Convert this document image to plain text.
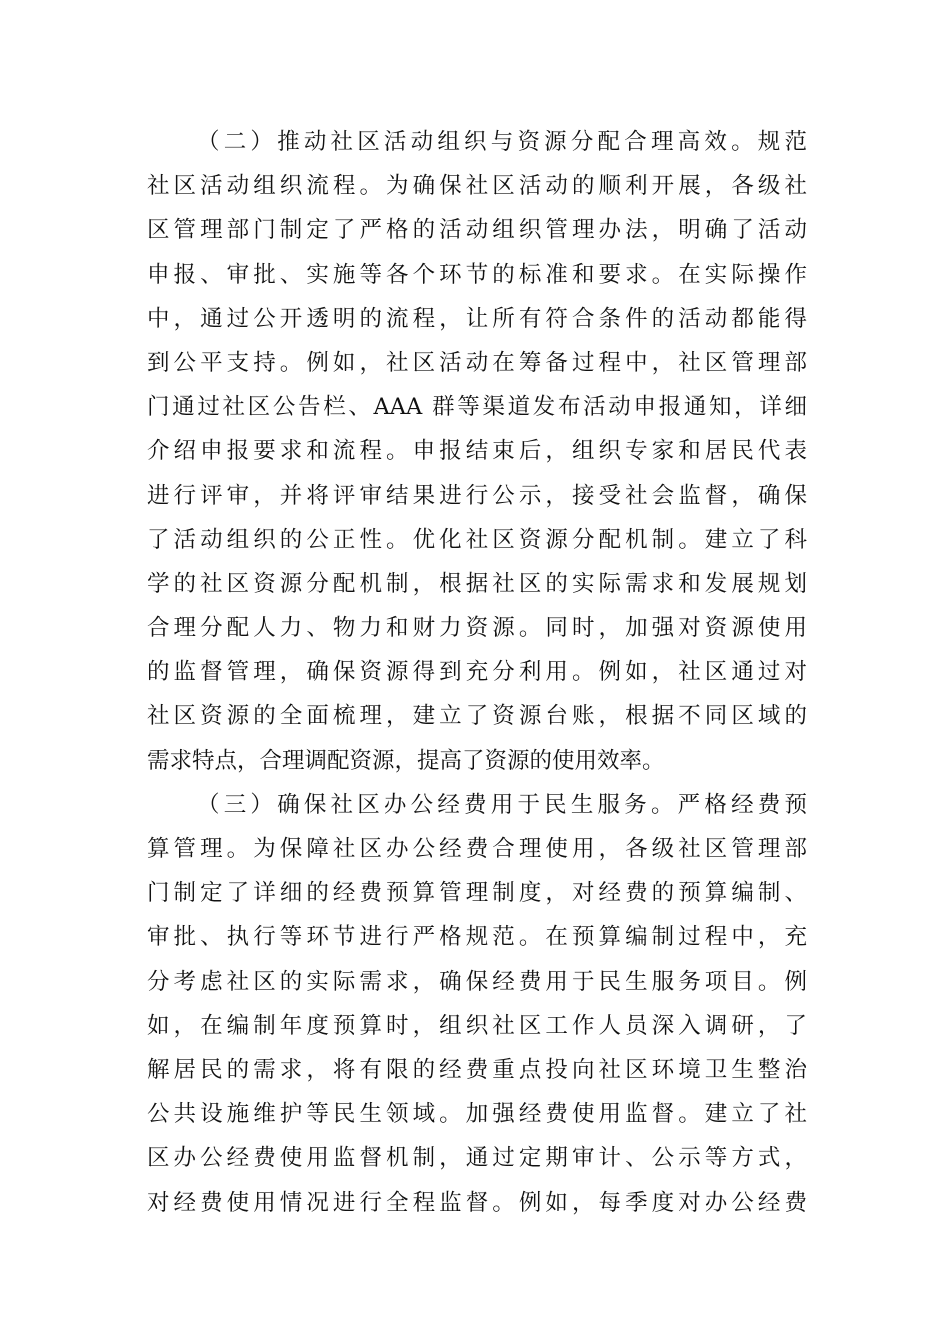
（二）推动社区活动组织与资源分配合理高效。规范
社区活动组织流程。为确保社区活动的顺利开展，各级社
区管理部门制定了严格的活动组织管理办法，明确了活动
申报、审批、实施等各个环节的标准和要求。在实际操作
中，通过公开透明的流程，让所有符合条件的活动都能得
到公平支持。例如，社区活动在筹备过程中，社区管理部
门通过社区公告栏、AAA 群等渠道发布活动申报通知，详细
介绍申报要求和流程。申报结束后，组织专家和居民代表
进行评审，并将评审结果进行公示，接受社会监督，确保
了活动组织的公正性。优化社区资源分配机制。建立了科
学的社区资源分配机制，根据社区的实际需求和发展规划
合理分配人力、物力和财力资源。同时，加强对资源使用
的监督管理，确保资源得到充分利用。例如，社区通过对
社区资源的全面梳理，建立了资源台账，根据不同区域的
需求特点，合理调配资源，提高了资源的使用效率。
（三）确保社区办公经费用于民生服务。严格经费预
算管理。为保障社区办公经费合理使用，各级社区管理部
门制定了详细的经费预算管理制度，对经费的预算编制、
审批、执行等环节进行严格规范。在预算编制过程中，充
分考虑社区的实际需求，确保经费用于民生服务项目。例
如，在编制年度预算时，组织社区工作人员深入调研，了
解居民的需求，将有限的经费重点投向社区环境卫生整治
公共设施维护等民生领域。加强经费使用监督。建立了社
区办公经费使用监督机制，通过定期审计、公示等方式，
对经费使用情况进行全程监督。例如，每季度对办公经费
